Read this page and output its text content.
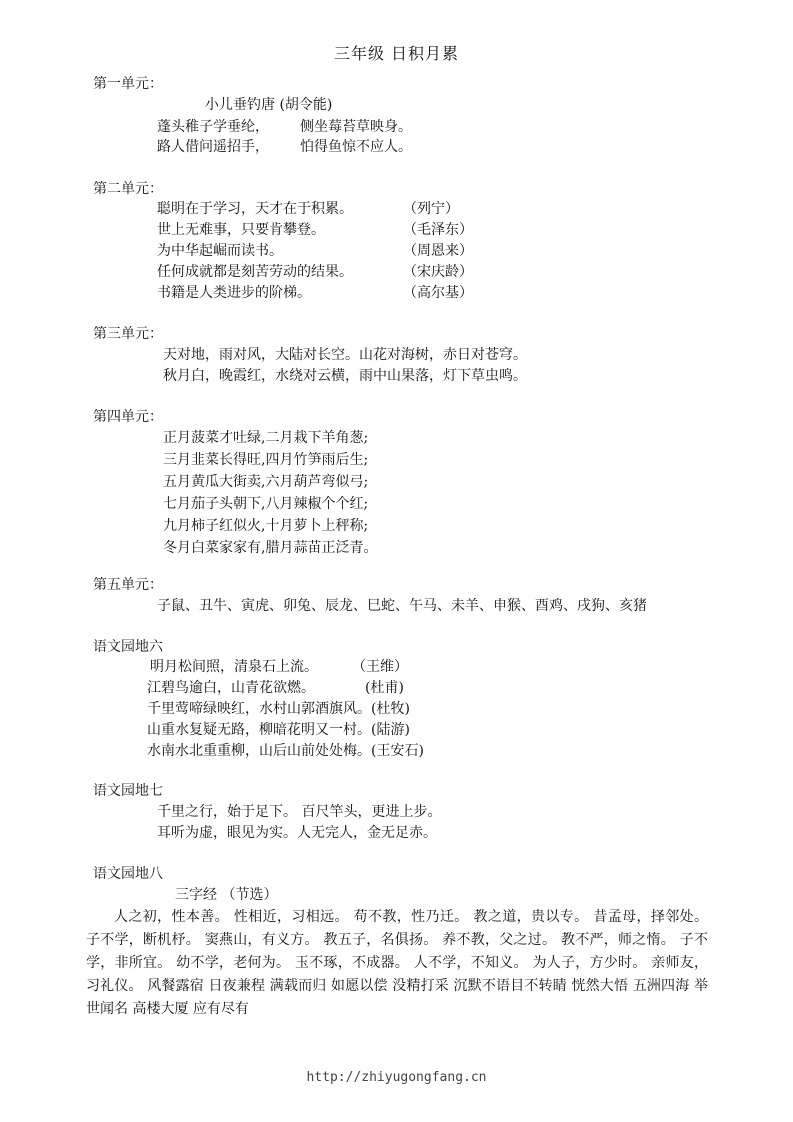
三年级 日积月累
第一单元：
小儿垂钓唐 (胡令能)
蓬头稚子学垂纶， 侧坐莓苔草映身。
路人借问遥招手， 怕得鱼惊不应人。
第二单元：
聪明在于学习，天才在于积累。	（列宁）
世上无难事，只要肯攀登。	（毛泽东）
为中华起崛而读书。	（周恩来）
任何成就都是刻苦劳动的结果。	（宋庆龄）
书籍是人类进步的阶梯。	（高尔基）
第三单元：
天对地，雨对风，大陆对长空。山花对海树，赤日对苍穹。
秋月白，晚霞红，水绕对云横，雨中山果落，灯下草虫鸣。
第四单元：
正月菠菜才吐绿,二月栽下羊角葱;
三月韭菜长得旺,四月竹笋雨后生;
五月黄瓜大街卖,六月葫芦弯似弓;
七月茄子头朝下,八月辣椒个个红;
九月柿子红似火,十月萝卜上秤称;
冬月白菜家家有,腊月蒜苗正泛青。
第五单元：
子鼠、丑牛、寅虎、卯兔、辰龙、巳蛇、午马、未羊、申猴、酉鸡、戌狗、亥猪
语文园地六
明月松间照，清泉石上流。 （王维）
江碧鸟逾白，山青花欲燃。	(杜甫)
千里莺啼绿映红，水村山郭酒旗风。(杜牧)
山重水复疑无路，柳暗花明又一村。(陆游)
水南水北重重柳，山后山前处处梅。(王安石)
语文园地七
千里之行，始于足下。 百尺竿头，更进上步。
耳听为虚，眼见为实。人无完人，金无足赤。
语文园地八
三字经 （节选）
人之初，性本善。 性相近，习相远。 苟不教，性乃迁。 教之道，贵以专。 昔孟母，择邻处。 子不学，断机杼。 窦燕山，有义方。 教五子，名俱扬。 养不教，父之过。 教不严，师之惰。 子不学，非所宜。 幼不学，老何为。 玉不琢，不成器。 人不学，不知义。 为人子，方少时。 亲师友，习礼仪。 风餐露宿 日夜兼程 满载而归 如愿以偿 没精打采 沉默不语目不转睛 恍然大悟 五洲四海 举世闻名 高楼大厦 应有尽有
http://zhiyugongfang.cn
